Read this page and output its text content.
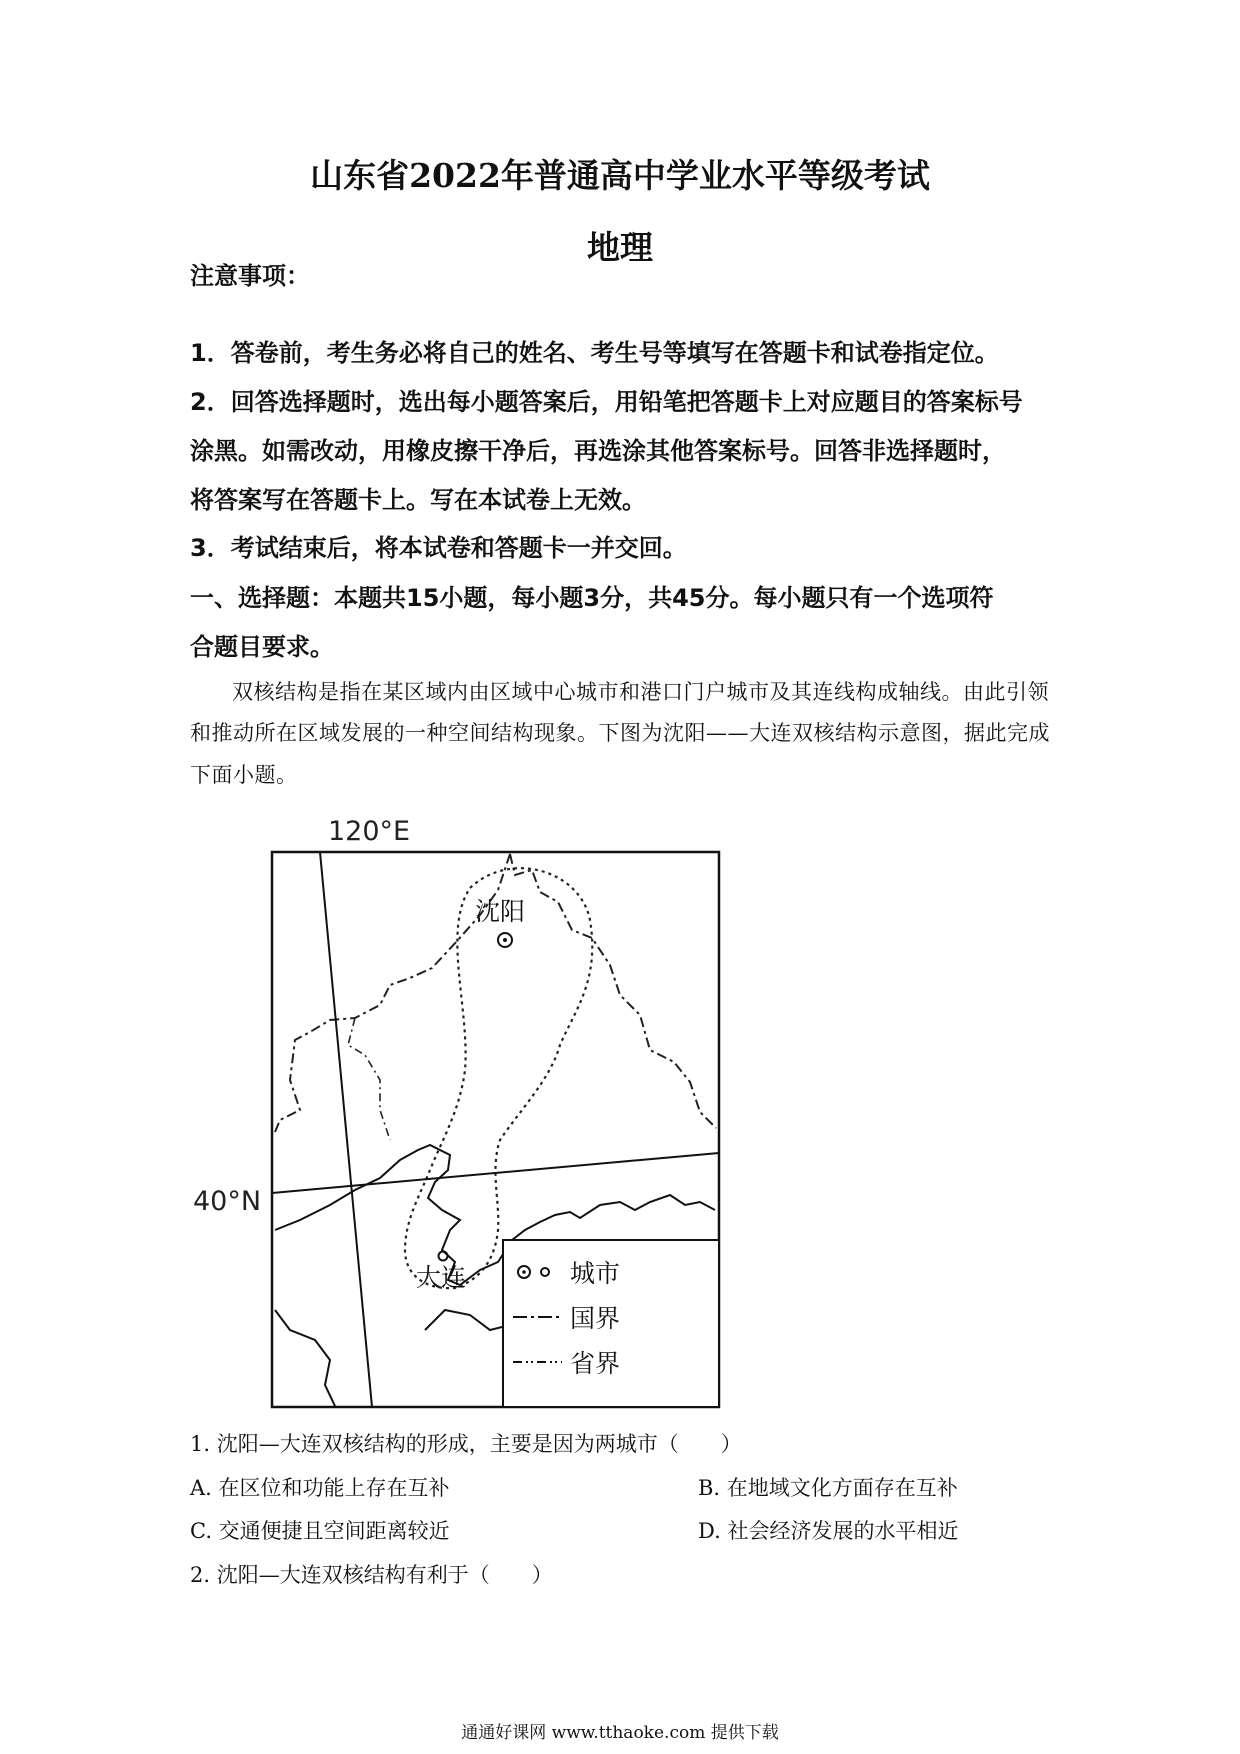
山东省2022年普通高中学业水平等级考试
地理
注意事项：
1．答卷前，考生务必将自己的姓名、考生号等填写在答题卡和试卷指定位。
2．回答选择题时，选出每小题答案后，用铅笔把答题卡上对应题目的答案标号
涂黑。如需改动，用橡皮擦干净后，再选涂其他答案标号。回答非选择题时，
将答案写在答题卡上。写在本试卷上无效。
3．考试结束后，将本试卷和答题卡一并交回。
一、选择题：本题共15小题，每小题3分，共45分。每小题只有一个选项符
合题目要求。
双核结构是指在某区域内由区域中心城市和港口门户城市及其连线构成轴线。由此引领
和推动所在区域发展的一种空间结构现象。下图为沈阳——大连双核结构示意图，据此完成
下面小题。
120°E
40°N
沈阳
大连	城市
国界
省界
1. 沈阳—大连双核结构的形成，主要是因为两城市（　　）
A. 在区位和功能上存在互补	B. 在地域文化方面存在互补
C. 交通便捷且空间距离较近	D. 社会经济发展的水平相近
2. 沈阳—大连双核结构有利于（　　）
通通好课网 www.tthaoke.com 提供下载
